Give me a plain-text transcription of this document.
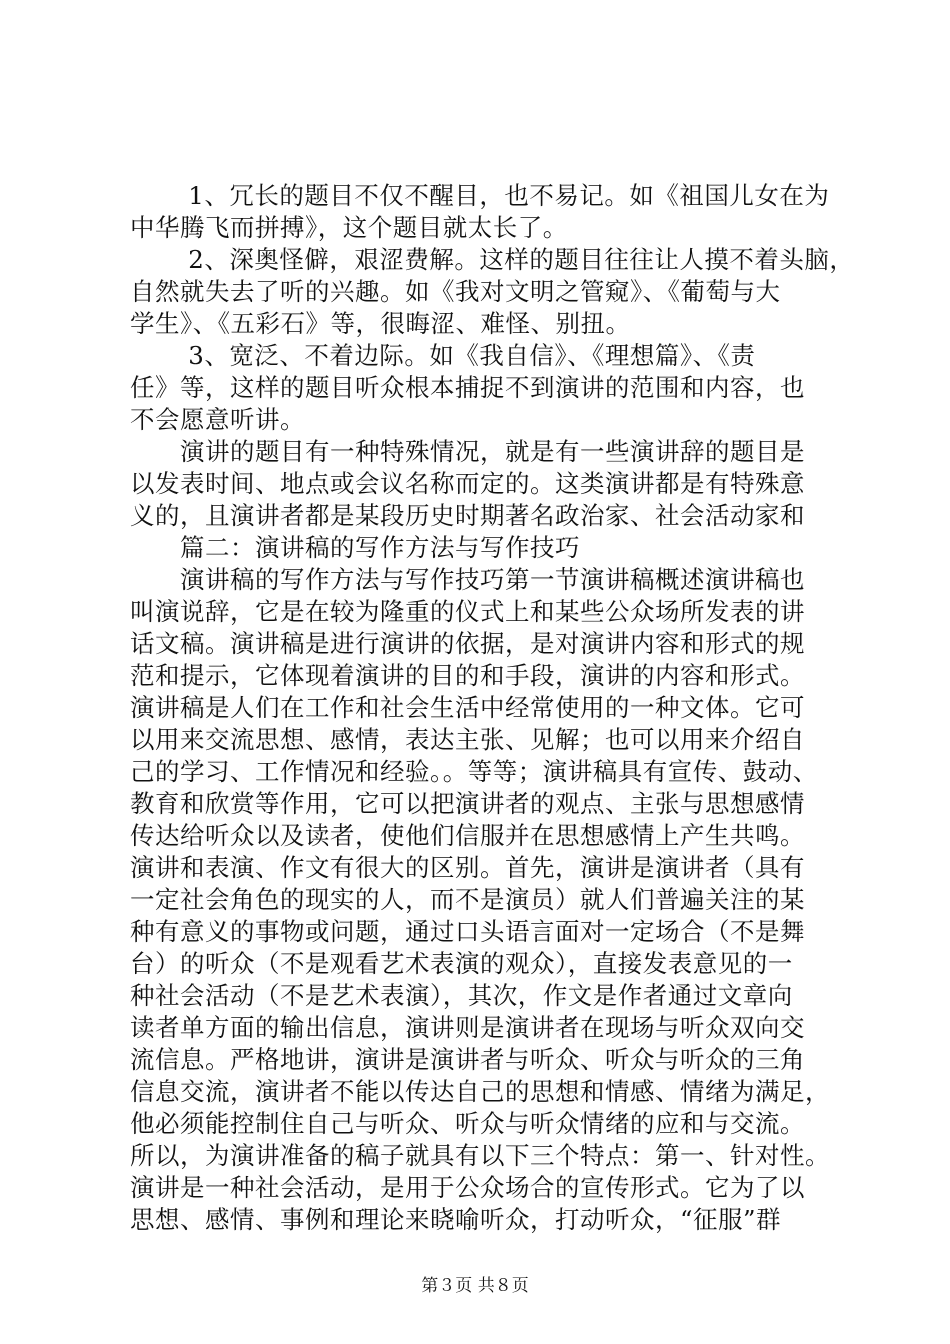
　　 1、冗长的题目不仅不醒目，也不易记。如《祖国儿女在为
中华腾飞而拼搏》，这个题目就太长了。
　　 2、深奥怪僻，艰涩费解。这样的题目往往让人摸不着头脑，
自然就失去了听的兴趣。如《我对文明之管窥》、《葡萄与大
学生》、《五彩石》等，很晦涩、难怪、别扭。
　　 3、宽泛、不着边际。如《我自信》、《理想篇》、《责
任》等，这样的题目听众根本捕捉不到演讲的范围和内容，也
不会愿意听讲。
　　演讲的题目有一种特殊情况，就是有一些演讲辞的题目是
以发表时间、地点或会议名称而定的。这类演讲都是有特殊意
义的，且演讲者都是某段历史时期著名政治家、社会活动家和
　　篇二：演讲稿的写作方法与写作技巧
　　演讲稿的写作方法与写作技巧第一节演讲稿概述演讲稿也
叫演说辞，它是在较为隆重的仪式上和某些公众场所发表的讲
话文稿。演讲稿是进行演讲的依据，是对演讲内容和形式的规
范和提示，它体现着演讲的目的和手段，演讲的内容和形式。
演讲稿是人们在工作和社会生活中经常使用的一种文体。它可
以用来交流思想、感情，表达主张、见解；也可以用来介绍自
己的学习、工作情况和经验。。等等；演讲稿具有宣传、鼓动、
教育和欣赏等作用，它可以把演讲者的观点、主张与思想感情
传达给听众以及读者，使他们信服并在思想感情上产生共鸣。
演讲和表演、作文有很大的区别。首先，演讲是演讲者（具有
一定社会角色的现实的人，而不是演员）就人们普遍关注的某
种有意义的事物或问题，通过口头语言面对一定场合（不是舞
台）的听众（不是观看艺术表演的观众），直接发表意见的一
种社会活动（不是艺术表演），其次，作文是作者通过文章向
读者单方面的输出信息，演讲则是演讲者在现场与听众双向交
流信息。严格地讲，演讲是演讲者与听众、听众与听众的三角
信息交流，演讲者不能以传达自己的思想和情感、情绪为满足，
他必须能控制住自己与听众、听众与听众情绪的应和与交流。
所以，为演讲准备的稿子就具有以下三个特点：第一、针对性。
演讲是一种社会活动，是用于公众场合的宣传形式。它为了以
思想、感情、事例和理论来晓喻听众，打动听众，“征服”群
第３页 共８页
